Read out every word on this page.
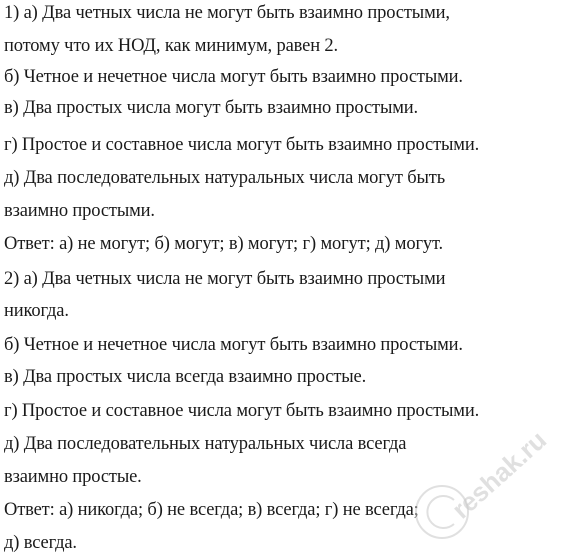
1) а) Два четных числа не могут быть взаимно простыми,
потому что их НОД, как минимум, равен 2.
б) Четное и нечетное числа могут быть взаимно простыми.
в) Два простых числа могут быть взаимно простыми.
г) Простое и составное числа могут быть взаимно простыми.
д) Два последовательных натуральных числа могут быть
взаимно простыми.
Ответ: а) не могут; б) могут; в) могут; г) могут; д) могут.
2) а) Два четных числа не могут быть взаимно простыми
никогда.
б) Четное и нечетное числа могут быть взаимно простыми.
в) Два простых числа всегда взаимно простые.
г) Простое и составное числа могут быть взаимно простыми.
д) Два последовательных натуральных числа всегда
взаимно простые.
Ответ: а) никогда; б) не всегда; в) всегда; г) не всегда;
д) всегда.
reshak.ru
